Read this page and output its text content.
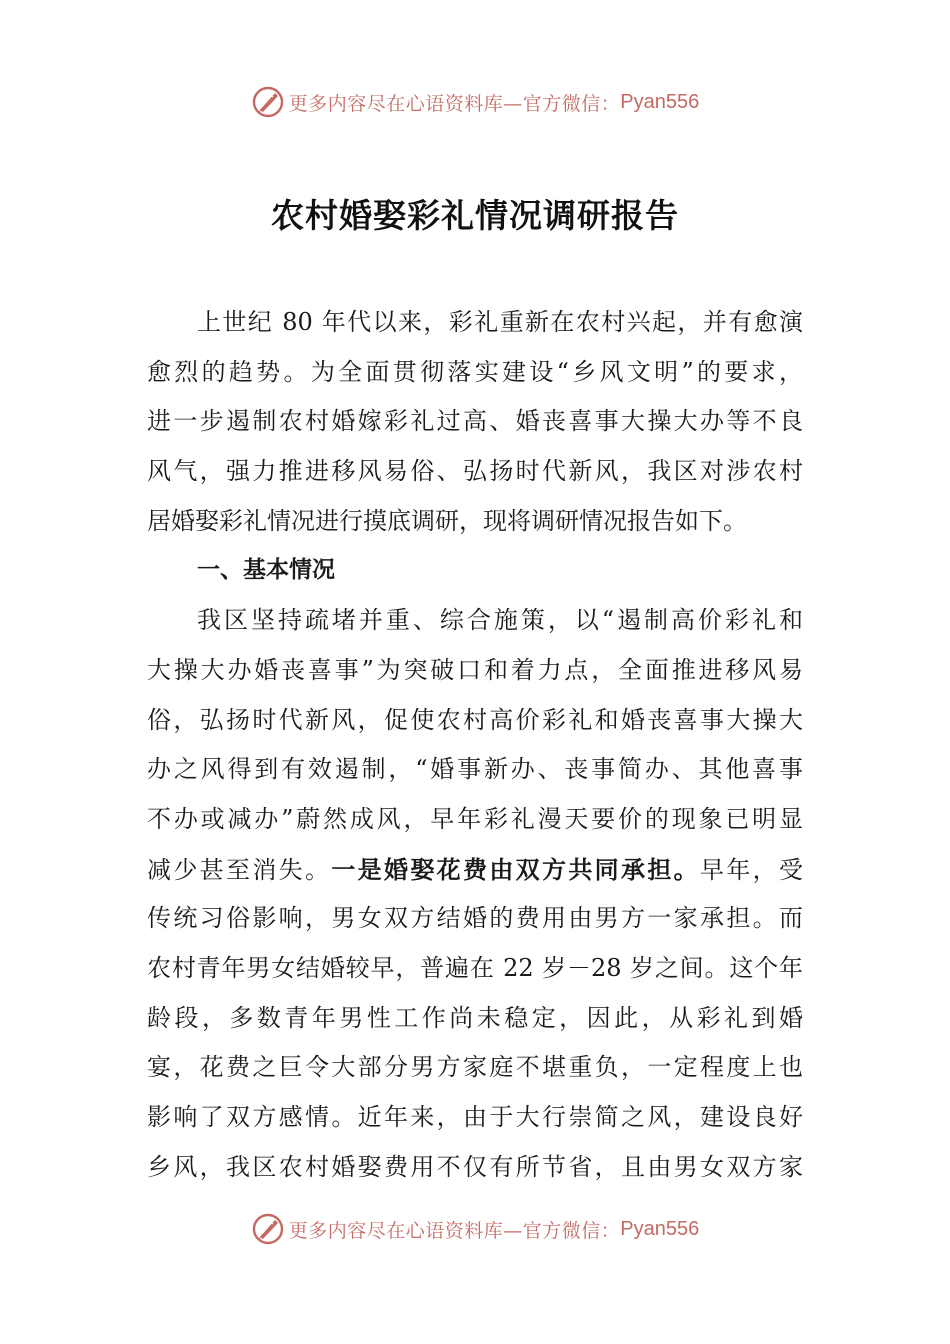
更多内容尽在心语资料库—官方微信： Pyan556
农村婚娶彩礼情况调研报告
上世纪 80 年代以来，彩礼重新在农村兴起，并有愈演
愈烈的趋势。为全面贯彻落实建设“乡风文明”的要求，
进一步遏制农村婚嫁彩礼过高、婚丧喜事大操大办等不良
风气，强力推进移风易俗、弘扬时代新风，我区对涉农村
居婚娶彩礼情况进行摸底调研，现将调研情况报告如下。
一、基本情况
我区坚持疏堵并重、综合施策，以“遏制高价彩礼和
大操大办婚丧喜事”为突破口和着力点，全面推进移风易
俗，弘扬时代新风，促使农村高价彩礼和婚丧喜事大操大
办之风得到有效遏制，“婚事新办、丧事简办、其他喜事
不办或减办”蔚然成风，早年彩礼漫天要价的现象已明显
减少甚至消失。一是婚娶花费由双方共同承担。早年，受
传统习俗影响，男女双方结婚的费用由男方一家承担。而
农村青年男女结婚较早，普遍在 22 岁－28 岁之间。这个年
龄段，多数青年男性工作尚未稳定，因此，从彩礼到婚
宴，花费之巨令大部分男方家庭不堪重负，一定程度上也
影响了双方感情。近年来，由于大行崇简之风，建设良好
乡风，我区农村婚娶费用不仅有所节省，且由男女双方家
更多内容尽在心语资料库—官方微信： Pyan556
